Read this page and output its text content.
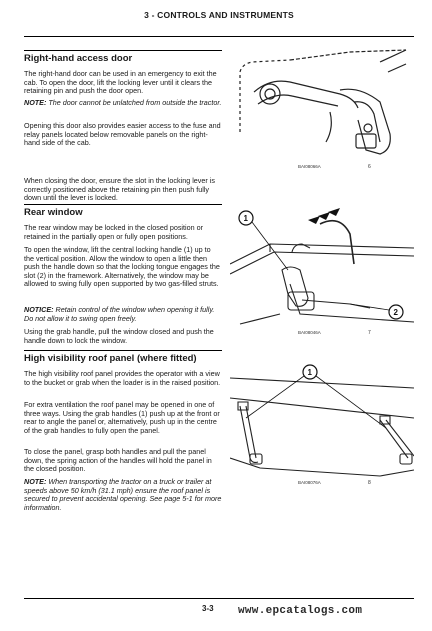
3 - CONTROLS AND INSTRUMENTS
Right-hand access door

The right-hand door can be used in an emergency to exit the cab. To open the door, lift the locking lever until it clears the retaining pin and push the door open.

NOTE: The door cannot be unlatched from outside the tractor.

Opening this door also provides easier access to the fuse and relay panels located below removable panels on the right-hand side of the cab.

BAI08066A	6

When closing the door, ensure the slot in the locking lever is correctly positioned above the retaining pin then push fully down until the lever is locked.

Rear window

The rear window may be locked in the closed position or retained in the partially open or fully open positions.

To open the window, lift the central locking handle (1) up to the vertical position. Allow the window to open a little then push the handle down so that the locking tongue engages the slot (2) in the framework. Alternatively, the window may be allowed to swing fully open supported by two gas-filled struts.

NOTICE: Retain control of the window when opening it fully. Do not allow it to swing open freely.

Using the grab handle, pull the window closed and push the handle down to lock the window.

1
2
BAI08046A	7
High visibility roof panel (where fitted)

The high visibility roof panel provides the operator with a view to the bucket or grab when the loader is in the raised position.

For extra ventilation the roof panel may be opened in one of three ways. Using the grab handles (1) push up at the front or rear to angle the panel or, alternatively, push up in the centre of the grab handles to fully open the panel.

To close the panel, grasp both handles and pull the panel down, the spring action of the handles will hold the panel in the closed position.

NOTE: When transporting the tractor on a truck or trailer at speeds above 50 km/h (31.1 mph) ensure the roof panel is secured to prevent accidental opening. See page 5-1 for more information.

1
BAI08076A	8
3-3 www.epcatalogs.com
